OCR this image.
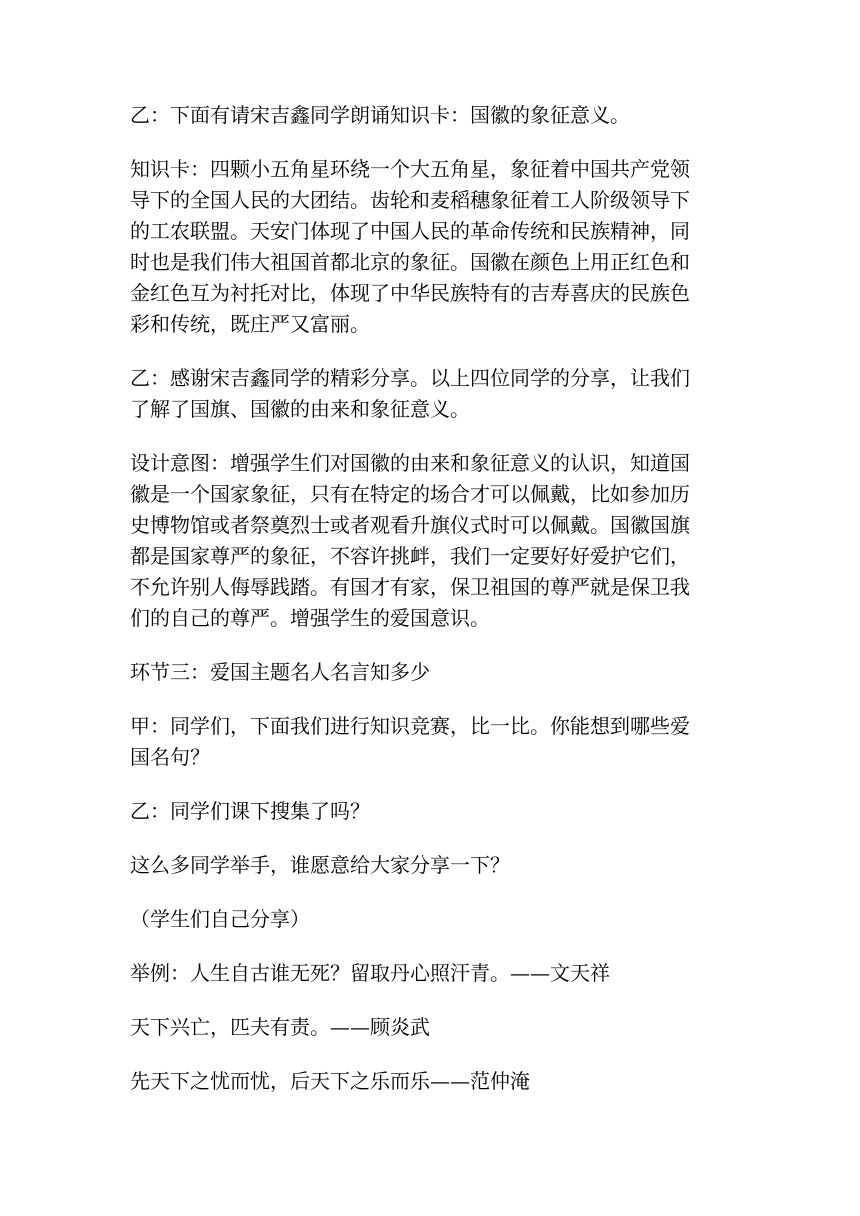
乙：下面有请宋吉鑫同学朗诵知识卡：国徽的象征意义。

知识卡：四颗小五角星环绕一个大五角星，象征着中国共产党领
导下的全国人民的大团结。齿轮和麦稻穗象征着工人阶级领导下
的工农联盟。天安门体现了中国人民的革命传统和民族精神，同
时也是我们伟大祖国首都北京的象征。国徽在颜色上用正红色和
金红色互为衬托对比，体现了中华民族特有的吉寿喜庆的民族色
彩和传统，既庄严又富丽。

乙：感谢宋吉鑫同学的精彩分享。以上四位同学的分享，让我们
了解了国旗、国徽的由来和象征意义。

设计意图：增强学生们对国徽的由来和象征意义的认识，知道国
徽是一个国家象征，只有在特定的场合才可以佩戴，比如参加历
史博物馆或者祭奠烈士或者观看升旗仪式时可以佩戴。国徽国旗
都是国家尊严的象征，不容许挑衅，我们一定要好好爱护它们，
不允许别人侮辱践踏。有国才有家，保卫祖国的尊严就是保卫我
们的自己的尊严。增强学生的爱国意识。

环节三：爱国主题名人名言知多少

甲：同学们，下面我们进行知识竞赛，比一比。你能想到哪些爱
国名句？

乙：同学们课下搜集了吗？

这么多同学举手，谁愿意给大家分享一下？

（学生们自己分享）

举例：人生自古谁无死？留取丹心照汗青。——文天祥

天下兴亡，匹夫有责。——顾炎武

先天下之忧而忧，后天下之乐而乐——范仲淹
